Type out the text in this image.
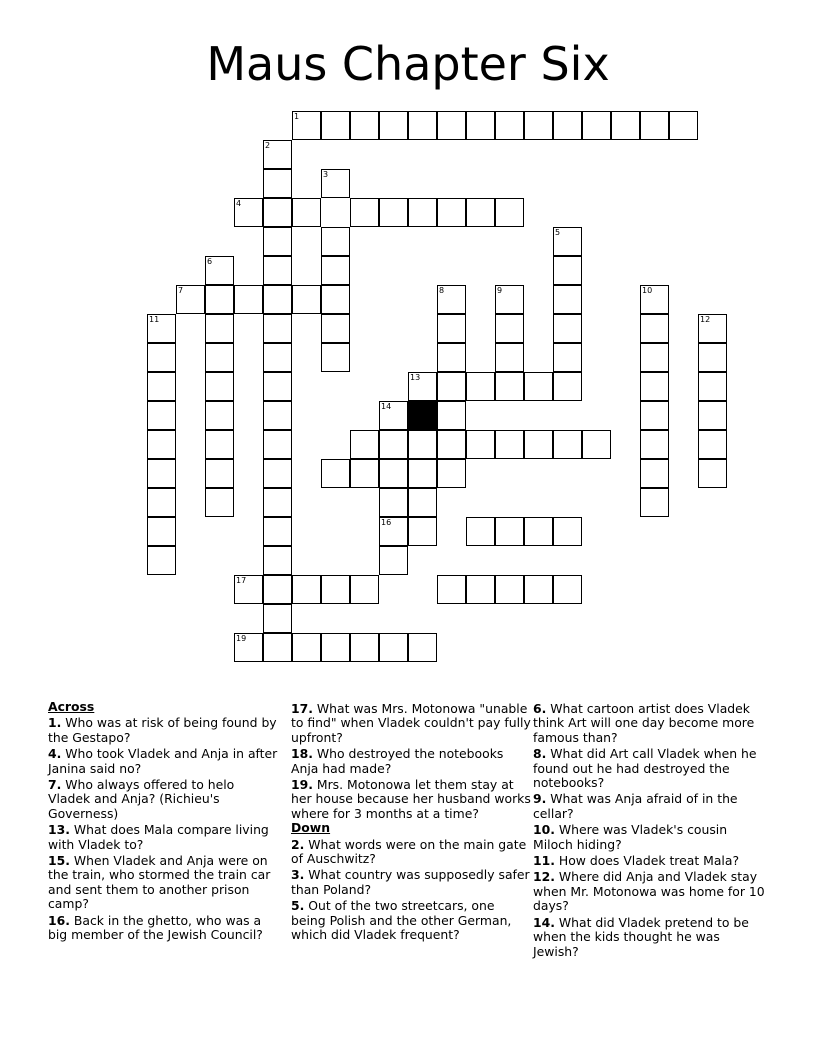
Maus Chapter Six
1
2
3
4
5
6
7	8	9	10
11	12
13
14
16
17
19
Across
1. Who was at risk of being found by the Gestapo?
4. Who took Vladek and Anja in after Janina said no?
7. Who always offered to helo Vladek and Anja? (Richieu's Governess)
13. What does Mala compare living with Vladek to?
15. When Vladek and Anja were on the train, who stormed the train car and sent them to another prison camp?
16. Back in the ghetto, who was a big member of the Jewish Council?
17. What was Mrs. Motonowa "unable to find" when Vladek couldn't pay fully upfront?
18. Who destroyed the notebooks Anja had made?
19. Mrs. Motonowa let them stay at her house because her husband works where for 3 months at a time?
Down
2. What words were on the main gate of Auschwitz?
3. What country was supposedly safer than Poland?
5. Out of the two streetcars, one being Polish and the other German, which did Vladek frequent?
6. What cartoon artist does Vladek think Art will one day become more famous than?
8. What did Art call Vladek when he found out he had destroyed the notebooks?
9. What was Anja afraid of in the cellar?
10. Where was Vladek's cousin Miloch hiding?
11. How does Vladek treat Mala?
12. Where did Anja and Vladek stay when Mr. Motonowa was home for 10 days?
14. What did Vladek pretend to be when the kids thought he was Jewish?
